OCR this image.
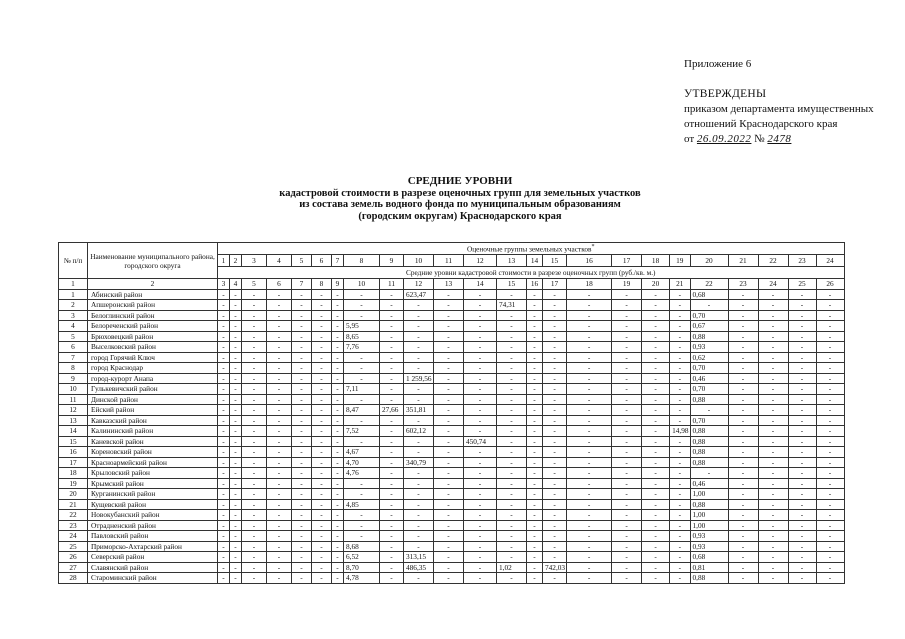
Приложение 6
УТВЕРЖДЕНЫ
приказом департамента имущественных
отношений Краснодарского края
от 26.09.2022 № 2478
СРЕДНИЕ УРОВНИ
кадастровой стоимости в разрезе оценочных групп для земельных участков
из состава земель водного фонда по муниципальным образованиям
(городским округам) Краснодарского края
№ п/п	Наименование муниципального района, городского округа	Оценочные группы земельных участков*
		1	2	3	4	5	6	7	8	9	10	11	12	13	14	15	16	17	18	19	20	21	22	23	24
		Средние уровни кадастровой стоимости в разрезе оценочных групп (руб./кв. м.)																							
1	2	3	4	5	6	7	8	9	10	11	12	13	14	15	16	17	18	19	20	21	22	23	24	25	26
1	Абинский район	-	-	-	-	-	-	-	-	-	623,47	-	-	-	-	-	-	-	-	-	0,68	-	-	-	-
2	Апшеронский район	-	-	-	-	-	-	-	-	-	-	-	-	74,31	-	-	-	-	-	-	-	-	-	-	-
3	Белоглинский район	-	-	-	-	-	-	-	-	-	-	-	-	-	-	-	-	-	-	-	0,70	-	-	-	-
4	Белореченский район	-	-	-	-	-	-	-	5,95	-	-	-	-	-	-	-	-	-	-	-	0,67	-	-	-	-
5	Брюховецкий район	-	-	-	-	-	-	-	8,65	-	-	-	-	-	-	-	-	-	-	-	0,88	-	-	-	-
6	Выселковский район	-	-	-	-	-	-	-	7,76	-	-	-	-	-	-	-	-	-	-	-	0,93	-	-	-	-
7	город Горячий Ключ	-	-	-	-	-	-	-	-	-	-	-	-	-	-	-	-	-	-	-	0,62	-	-	-	-
8	город Краснодар	-	-	-	-	-	-	-	-	-	-	-	-	-	-	-	-	-	-	-	0,70	-	-	-	-
9	город-курорт Анапа	-	-	-	-	-	-	-	-	-	1 259,56	-	-	-	-	-	-	-	-	-	0,46	-	-	-	-
10	Гулькевичский район	-	-	-	-	-	-	-	7,11	-	-	-	-	-	-	-	-	-	-	-	0,70	-	-	-	-
11	Динской район	-	-	-	-	-	-	-	-	-	-	-	-	-	-	-	-	-	-	-	0,88	-	-	-	-
12	Ейский район	-	-	-	-	-	-	-	8,47	27,66	351,81	-	-	-	-	-	-	-	-	-	-	-	-	-	-
13	Кавказский район	-	-	-	-	-	-	-	-	-	-	-	-	-	-	-	-	-	-	-	0,70	-	-	-	-
14	Калининский район	-	-	-	-	-	-	-	7,52	-	602,12	-	-	-	-	-	-	-	-	14,98	0,88	-	-	-	-
15	Каневской район	-	-	-	-	-	-	-	-	-	-	-	450,74	-	-	-	-	-	-	-	0,88	-	-	-	-
16	Кореновский район	-	-	-	-	-	-	-	4,67	-	-	-	-	-	-	-	-	-	-	-	0,88	-	-	-	-
17	Красноармейский район	-	-	-	-	-	-	-	4,70	-	340,79	-	-	-	-	-	-	-	-	-	0,88	-	-	-	-
18	Крыловский район	-	-	-	-	-	-	-	4,76	-	-	-	-	-	-	-	-	-	-	-	-	-	-	-	-
19	Крымский район	-	-	-	-	-	-	-	-	-	-	-	-	-	-	-	-	-	-	-	0,46	-	-	-	-
20	Курганинский район	-	-	-	-	-	-	-	-	-	-	-	-	-	-	-	-	-	-	-	1,00	-	-	-	-
21	Кущевский район	-	-	-	-	-	-	-	4,85	-	-	-	-	-	-	-	-	-	-	-	0,88	-	-	-	-
22	Новокубанский район	-	-	-	-	-	-	-	-	-	-	-	-	-	-	-	-	-	-	-	1,00	-	-	-	-
23	Отрадненский район	-	-	-	-	-	-	-	-	-	-	-	-	-	-	-	-	-	-	-	1,00	-	-	-	-
24	Павловский район	-	-	-	-	-	-	-	-	-	-	-	-	-	-	-	-	-	-	-	0,93	-	-	-	-
25	Приморско-Ахтарский район	-	-	-	-	-	-	-	8,68	-	-	-	-	-	-	-	-	-	-	-	0,93	-	-	-	-
26	Северский район	-	-	-	-	-	-	-	6,52	-	313,15	-	-	-	-	-	-	-	-	-	0,68	-	-	-	-
27	Славянский район	-	-	-	-	-	-	-	8,70	-	486,35	-	-	1,02	-	742,03	-	-	-	-	0,81	-	-	-	-
28	Староминский район	-	-	-	-	-	-	-	4,78	-	-	-	-	-	-	-	-	-	-	-	0,88	-	-	-	-
